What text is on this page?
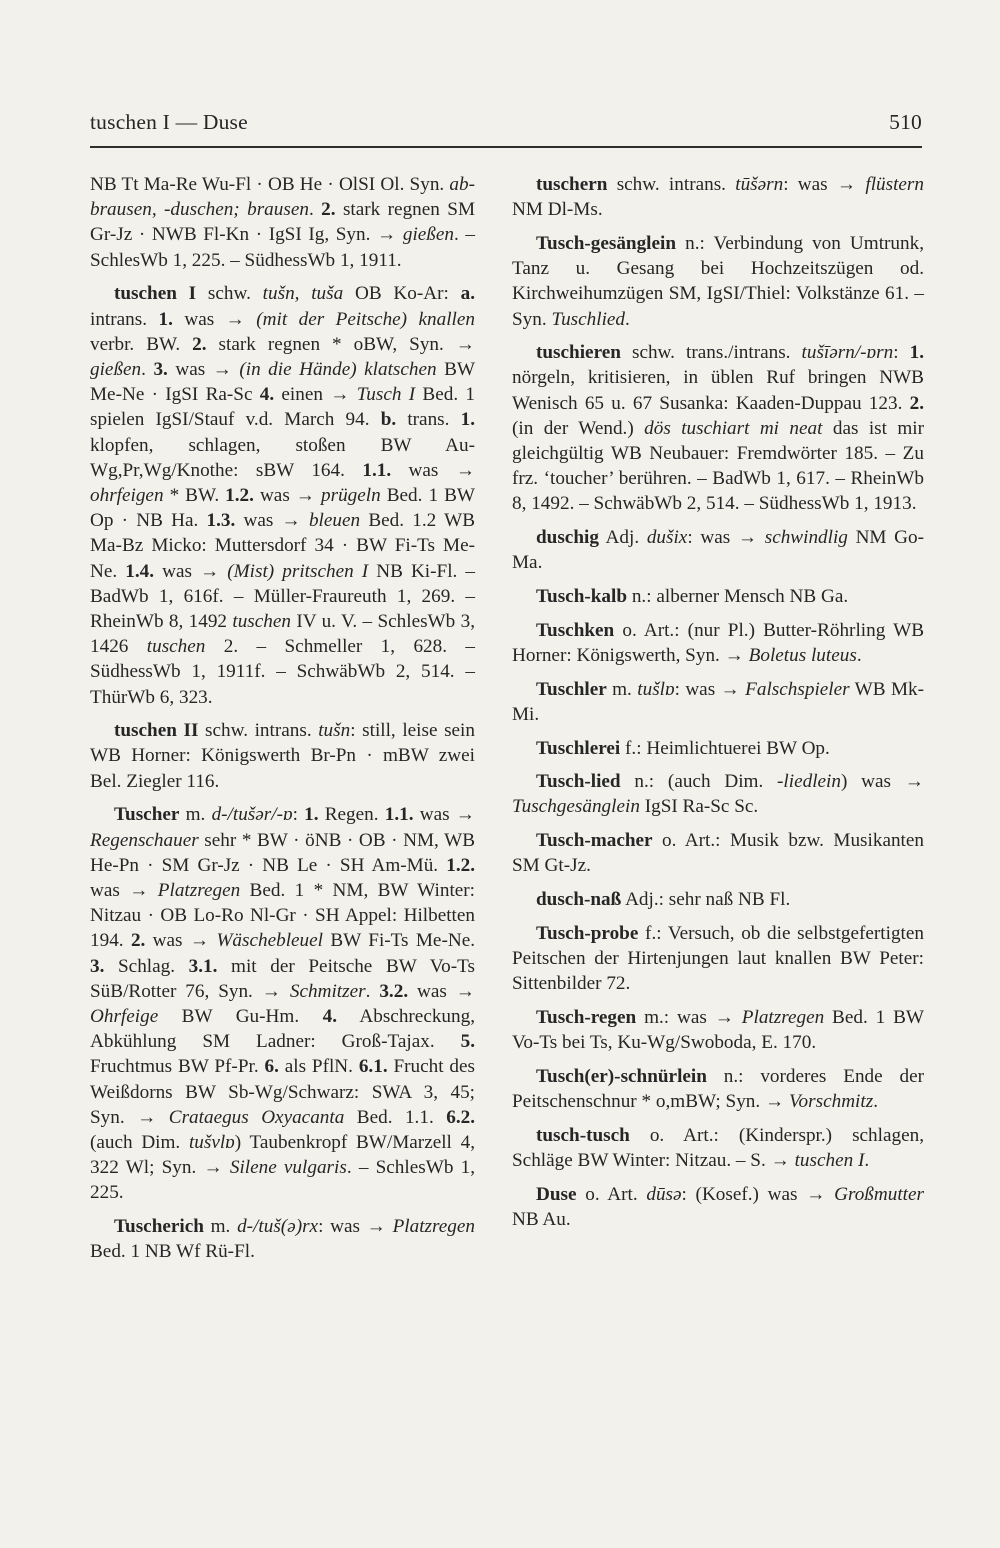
tuschen I — Duse	510

NB Tt Ma-Re Wu-Fl · OB He · OlSI Ol. Syn. ab-brausen, -duschen; brausen. 2. stark regnen SM Gr-Jz · NWB Fl-Kn · IgSI Ig, Syn. → gießen. – SchlesWb 1, 225. – SüdhessWb 1, 1911.

tuschen I schw. tušn, tuša OB Ko-Ar: a. intrans. 1. was → (mit der Peitsche) knallen verbr. BW. 2. stark regnen * oBW, Syn. → gießen. 3. was → (in die Hände) klatschen BW Me-Ne · IgSI Ra-Sc 4. einen → Tusch I Bed. 1 spielen IgSI/Stauf v.d. March 94. b. trans. 1. klopfen, schlagen, stoßen BW Au-Wg,Pr,Wg/Knothe: sBW 164. 1.1. was → ohrfeigen * BW. 1.2. was → prügeln Bed. 1 BW Op · NB Ha. 1.3. was → bleuen Bed. 1.2 WB Ma-Bz Micko: Muttersdorf 34 · BW Fi-Ts Me-Ne. 1.4. was → (Mist) pritschen I NB Ki-Fl. – BadWb 1, 616f. – Müller-Fraureuth 1, 269. – RheinWb 8, 1492 tuschen IV u. V. – SchlesWb 3, 1426 tuschen 2. – Schmeller 1, 628. – SüdhessWb 1, 1911f. – SchwäbWb 2, 514. – ThürWb 6, 323.

tuschen II schw. intrans. tušn: still, leise sein WB Horner: Königswerth Br-Pn · mBW zwei Bel. Ziegler 116.

Tuscher m. d-/tušər/-ɒ: 1. Regen. 1.1. was → Regenschauer sehr * BW · öNB · OB · NM, WB He-Pn · SM Gr-Jz · NB Le · SH Am-Mü. 1.2. was → Platzregen Bed. 1 * NM, BW Winter: Nitzau · OB Lo-Ro Nl-Gr · SH Appel: Hilbetten 194. 2. was → Wäschebleuel BW Fi-Ts Me-Ne. 3. Schlag. 3.1. mit der Peitsche BW Vo-Ts SüB/Rotter 76, Syn. → Schmitzer. 3.2. was → Ohrfeige BW Gu-Hm. 4. Abschreckung, Abkühlung SM Ladner: Groß-Tajax. 5. Fruchtmus BW Pf-Pr. 6. als PflN. 6.1. Frucht des Weißdorns BW Sb-Wg/Schwarz: SWA 3, 45; Syn. → Crataegus Oxyacanta Bed. 1.1. 6.2. (auch Dim. tušvlɒ) Taubenkropf BW/Marzell 4, 322 Wl; Syn. → Silene vulgaris. – SchlesWb 1, 225.

Tuscherich m. d-/tuš(ə)rx: was → Platzregen Bed. 1 NB Wf Rü-Fl.

tuschern schw. intrans. tūšərn: was → flüstern NM Dl-Ms.

Tusch-gesänglein n.: Verbindung von Umtrunk, Tanz u. Gesang bei Hochzeitszügen od. Kirchweihumzügen SM, IgSI/Thiel: Volkstänze 61. – Syn. Tuschlied.

tuschieren schw. trans./intrans. tušīərn/-ɒrn: 1. nörgeln, kritisieren, in üblen Ruf bringen NWB Wenisch 65 u. 67 Susanka: Kaaden-Duppau 123. 2. (in der Wend.) dös tuschiart mi neat das ist mir gleichgültig WB Neubauer: Fremdwörter 185. – Zu frz. ‘toucher’ berühren. – BadWb 1, 617. – RheinWb 8, 1492. – SchwäbWb 2, 514. – SüdhessWb 1, 1913.

duschig Adj. dušix: was → schwindlig NM Go-Ma.

Tusch-kalb n.: alberner Mensch NB Ga.

Tuschken o. Art.: (nur Pl.) Butter-Röhrling WB Horner: Königswerth, Syn. → Boletus luteus.

Tuschler m. tušlɒ: was → Falschspieler WB Mk-Mi.

Tuschlerei f.: Heimlichtuerei BW Op.

Tusch-lied n.: (auch Dim. -liedlein) was → Tuschgesänglein IgSI Ra-Sc Sc.

Tusch-macher o. Art.: Musik bzw. Musikanten SM Gt-Jz.

dusch-naß Adj.: sehr naß NB Fl.

Tusch-probe f.: Versuch, ob die selbstgefertigten Peitschen der Hirtenjungen laut knallen BW Peter: Sittenbilder 72.

Tusch-regen m.: was → Platzregen Bed. 1 BW Vo-Ts bei Ts, Ku-Wg/Swoboda, E. 170.

Tusch(er)-schnürlein n.: vorderes Ende der Peitschenschnur * o,mBW; Syn. → Vorschmitz.

tusch-tusch o. Art.: (Kinderspr.) schlagen, Schläge BW Winter: Nitzau. – S. → tuschen I.

Duse o. Art. dūsə: (Kosef.) was → Großmutter NB Au.
